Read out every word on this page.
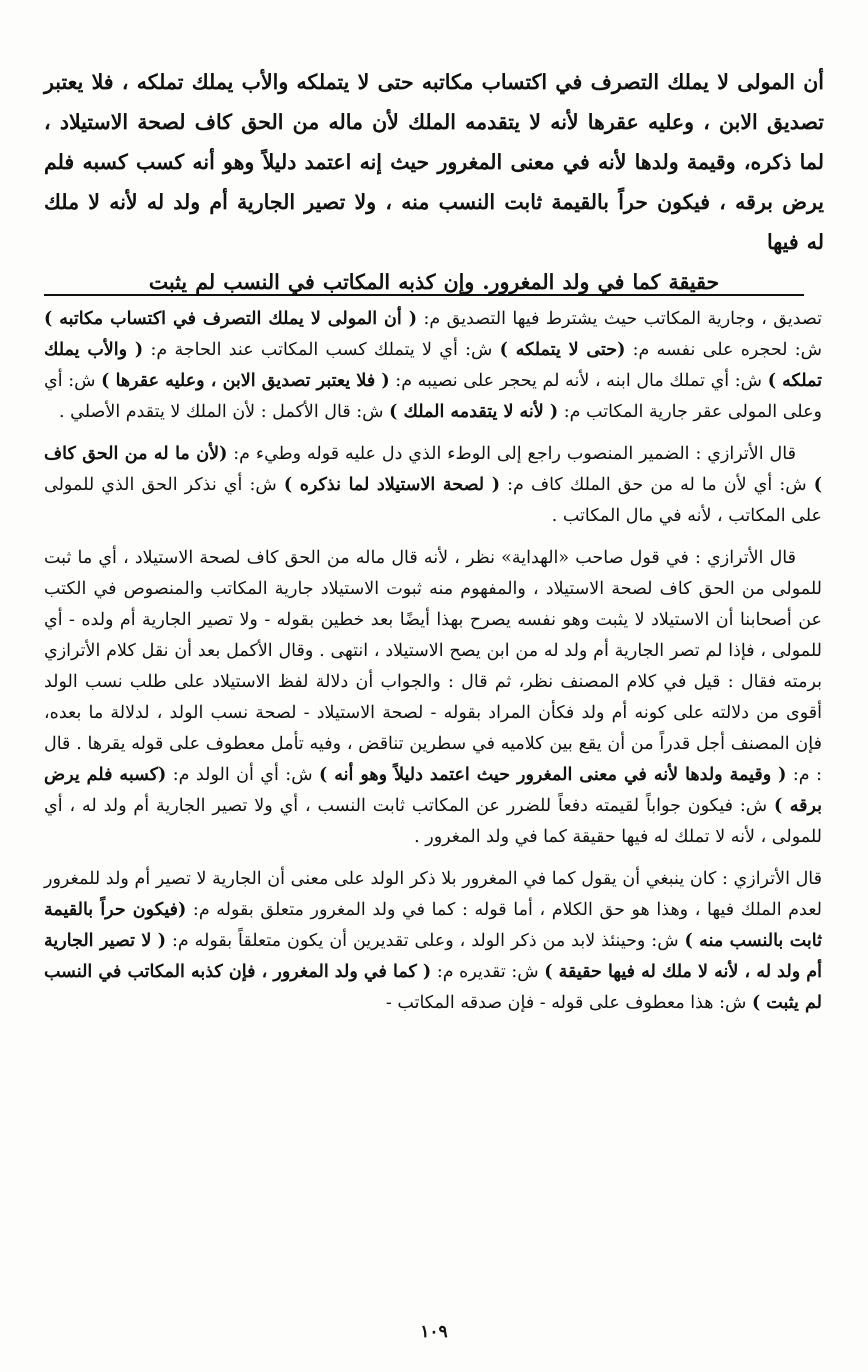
أن المولى لا يملك التصرف في اكتساب مكاتبه حتى لا يتملكه والأب يملك تملكه ، فلا يعتبر تصديق الابن ، وعليه عقرها لأنه لا يتقدمه الملك لأن ماله من الحق كاف لصحة الاستيلاد ، لما ذكره، وقيمة ولدها لأنه في معنى المغرور حيث إنه اعتمد دليلاً وهو أنه كسب كسبه فلم يرض برقه ، فيكون حراً بالقيمة ثابت النسب منه ، ولا تصير الجارية أم ولد له لأنه لا ملك له فيها

حقيقة كما في ولد المغرور. وإن كذبه المكاتب في النسب لم يثبت

تصديق ، وجارية المكاتب حيث يشترط فيها التصديق م: ( أن المولى لا يملك التصرف في اكتساب مكاتبه ) ش: لحجره على نفسه م: (حتى لا يتملكه ) ش: أي لا يتملك كسب المكاتب عند الحاجة م: ( والأب يملك تملكه ) ش: أي تملك مال ابنه ، لأنه لم يحجر على نصيبه م: ( فلا يعتبر تصديق الابن ، وعليه عقرها ) ش: أي وعلى المولى عقر جارية المكاتب م: ( لأنه لا يتقدمه الملك ) ش: قال الأكمل : لأن الملك لا يتقدم الأصلي .

قال الأترازي : الضمير المنصوب راجع إلى الوطء الذي دل عليه قوله وطيء م: (لأن ما له من الحق كاف ) ش: أي لأن ما له من حق الملك كاف م: ( لصحة الاستيلاد لما نذكره ) ش: أي نذكر الحق الذي للمولى على المكاتب ، لأنه في مال المكاتب .

قال الأترازي : في قول صاحب «الهداية» نظر ، لأنه قال ماله من الحق كاف لصحة الاستيلاد ، أي ما ثبت للمولى من الحق كاف لصحة الاستيلاد ، والمفهوم منه ثبوت الاستيلاد جارية المكاتب والمنصوص في الكتب عن أصحابنا أن الاستيلاد لا يثبت وهو نفسه يصرح بهذا أيضًا بعد خطين بقوله - ولا تصير الجارية أم ولده - أي للمولى ، فإذا لم تصر الجارية أم ولد له من ابن يصح الاستيلاد ، انتهى . وقال الأكمل بعد أن نقل كلام الأترازي برمته فقال : قيل في كلام المصنف نظر، ثم قال : والجواب أن دلالة لفظ الاستيلاد على طلب نسب الولد أقوى من دلالته على كونه أم ولد فكأن المراد بقوله - لصحة الاستيلاد - لصحة نسب الولد ، لدلالة ما بعده، فإن المصنف أجل قدراً من أن يقع بين كلاميه في سطرين تناقض ، وفيه تأمل معطوف على قوله يقرها . قال : م: ( وقيمة ولدها لأنه في معنى المغرور حيث اعتمد دليلاً وهو أنه ) ش: أي أن الولد م: (كسبه فلم يرض برقه ) ش: فيكون جواباً لقيمته دفعاً للضرر عن المكاتب ثابت النسب ، أي ولا تصير الجارية أم ولد له ، أي للمولى ، لأنه لا تملك له فيها حقيقة كما في ولد المغرور .

قال الأترازي : كان ينبغي أن يقول كما في المغرور بلا ذكر الولد على معنى أن الجارية لا تصير أم ولد للمغرور لعدم الملك فيها ، وهذا هو حق الكلام ، أما قوله : كما في ولد المغرور متعلق بقوله م: (فيكون حراً بالقيمة ثابت بالنسب منه ) ش: وحينئذ لابد من ذكر الولد ، وعلى تقديرين أن يكون متعلقاً بقوله م: ( لا تصير الجارية أم ولد له ، لأنه لا ملك له فيها حقيقة ) ش: تقديره م: ( كما في ولد المغرور ، فإن كذبه المكاتب في النسب لم يثبت ) ش: هذا معطوف على قوله - فإن صدقه المكاتب -

١٠٩
